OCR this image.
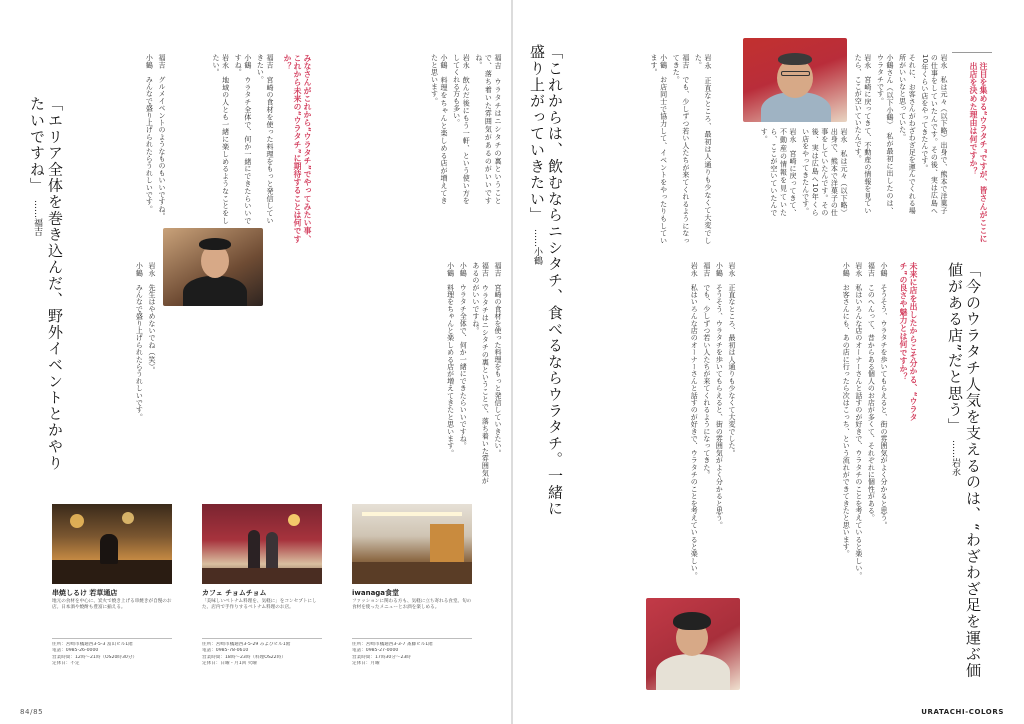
注目を集める“ウラタチ”ですが、皆さんがここに出店を決めた理由は何ですか？

岩永　私は元々（以下略）出身で、熊本で洋菓子の仕事をしていたんです。その後、実は広島へ10年くらい店をやってきたんです。

それに、お客さんがわざわざ足を運んでくれる場所がいいなと思っていた。

小鶴さん（以下小鶴）　私が最初に出したのは、ウラタチです。

岩永　宮崎に戻ってきて、不動産の情報を見ていたら、ここが空いていたんです。

岩永　私は元々（以下略）出身で、熊本で洋菓子の仕事をしていたんです。その後、実は広島へ10年くらい店をやってきたんです。

岩永　宮崎に戻ってきて、不動産の情報を見ていたら、ここが空いていたんです。

「今のウラタチ人気を支えるのは、“わざわざ足を運ぶ価値がある店”だと思う」……岩永
未来に店を出したからこそ分かる、“ウラタチ”の良さや魅力とは何ですか？

小鶴　そうそう、ウラタチを歩いてもらえると、街の雰囲気がよく分かると思う。

福吉　このへんって、昔からある個人のお店が多くて、それぞれに個性がある。

岩永　私はいろんな店のオーナーさんと話すのが好きで、ウラタチのことを考えていると楽しい。

小鶴　お客さんにも、あの店に行ったら次はこっち、という流れができてきたと思います。

岩永　正直なところ、最初は人通りも少なくて大変でした。

福吉　でも、少しずつ若い人たちが来てくれるようになってきた。

小鶴　お店同士で協力して、イベントをやったりもしています。

「これからは、飲むならニシタチ、食べるならウラタチ。一緒に盛り上がっていきたい」……小鶴

岩永　正直なところ、最初は人通りも少なくて大変でした。

小鶴　そうそう、ウラタチを歩いてもらえると、街の雰囲気がよく分かると思う。

福吉　でも、少しずつ若い人たちが来てくれるようになってきた。

岩永　私はいろんな店のオーナーさんと話すのが好きで、ウラタチのことを考えていると楽しい。

URATACHI-COLORS

福吉　ウラタチはニシタチの裏ということで、落ち着いた雰囲気があるのがいいですね。

岩永　飲んだ後にもう一軒、という使い方をしてくれる方も多い。

小鶴　料理をちゃんと楽しめる店が増えてきたと思います。

みなさんがこれから“ウラタチ”でやってみたい事、これから未来の“ウラタチ”に期待することは何ですか？

福吉　宮崎の食材を使った料理をもっと発信していきたい。

小鶴　ウラタチ全体で、何か一緒にできたらいいですね。

岩永　地域の人とも一緒に楽しめるようなことをしたい。

福吉　宮崎の食材を使った料理をもっと発信していきたい。

福吉　ウラタチはニシタチの裏ということで、落ち着いた雰囲気があるのがいいですね。

小鶴　ウラタチ全体で、何か一緒にできたらいいですね。

小鶴　料理をちゃんと楽しめる店が増えてきたと思います。

福吉　グルメイベントのようなものもいいですね。

小鶴　みんなで盛り上げられたらうれしいです。

岩永　先生はやめないでね（笑）。

小鶴　みんなで盛り上げられたらうれしいです。

「エリア全体を巻き込んだ、野外イベントとかやりたいですね」……福吉
串焼しるけ 若草通店
地元の食材を中心に、炭火で焼き上げる串焼きが自慢のお店。日本酒や焼酎も豊富に揃える。
住所：宮崎市橘通西3-5-3 富山ビル1階
電話：0985-26-0000
営業時間：12時〜21時（OS20時30分）
定休日：不定
カフェ チョムチョム
「美味しいベトナム料理を、気軽に」をコンセプトにした、店内で手作りするベトナム料理のお店。
住所：宮崎市橘通西3-5-29 みよぴビル1階
電話：0985-78-0610
営業時間：18時〜23時（料理OS22時）
定休日：日曜・月1回 火曜
iwanaga食堂
ファッションに関わる方も、気軽に立ち寄れる食堂。旬の食材を使ったメニューとお酒を楽しめる。
住所：宮崎市橘通西3-3-7 斎藤ビル1階
電話：0985-27-0000
営業時間：17時30分〜23時
定休日：月曜
84/85
